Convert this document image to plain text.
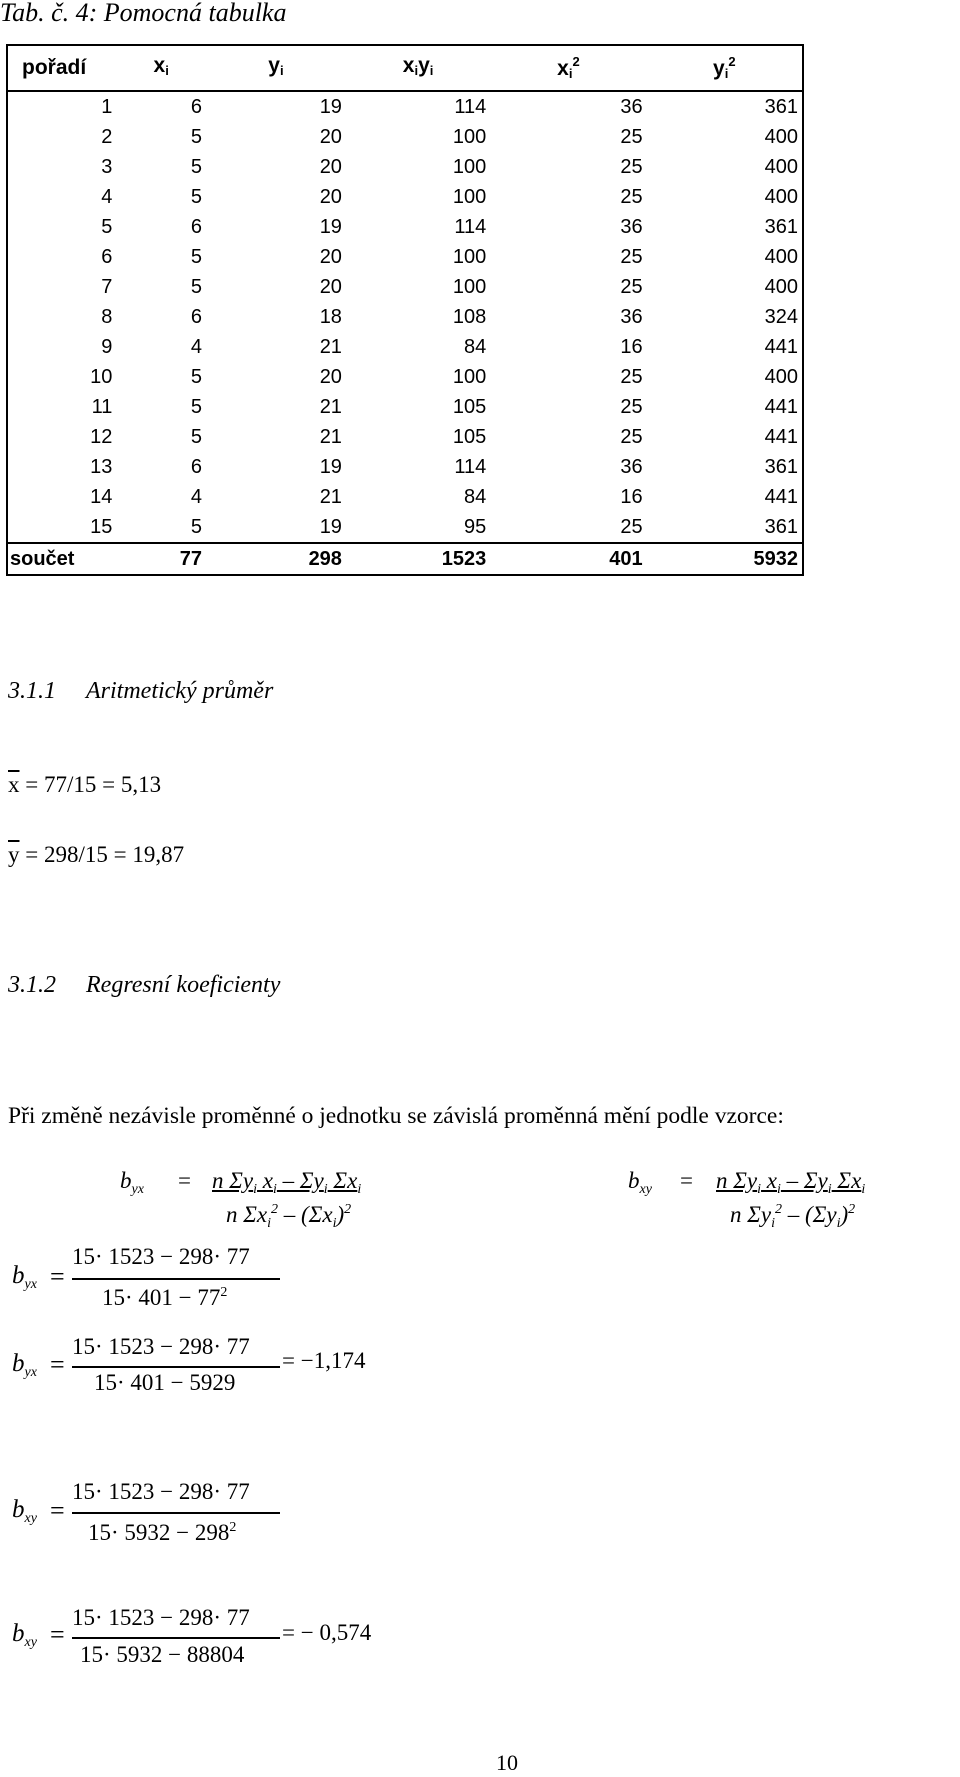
Tab. č. 4: Pomocná tabulka
pořadí	$x_i$	$y_i$	$x_iy_i$	$x_i^2$	$y_i^2$
1	6	19	114	36	361
2	5	20	100	25	400
3	5	20	100	25	400
4	5	20	100	25	400
5	6	19	114	36	361
6	5	20	100	25	400
7	5	20	100	25	400
8	6	18	108	36	324
9	4	21	84	16	441
10	5	20	100	25	400
11	5	21	105	25	441
12	5	21	105	25	441
13	6	19	114	36	361
14	4	21	84	16	441
15	5	19	95	25	361
součet	77	298	1523	401	5932
3.1.1 Aritmetický průměr
$\overline{x} = 77/15 = 5,13$
$\overline{y} = 298/15 = 19,87$
3.1.2 Regresní koeficienty
Při změně nezávisle proměnné o jednotku se závislá proměnná mění podle vzorce:
$b_{yx} = n$ $\Sigma y_i$ $x_i - \Sigma y_i$ $\Sigma x_i$
n $\Sigma x_i^2 - (\Sigma x_i)^2$
$b_{xy} = n$ $\Sigma y_i$ $x_i - \Sigma y_i$ $\Sigma x_i$
n $\Sigma y_i^2 - (\Sigma y_i)^2$
$b_{yx}$ =
15· 1523 − 298· 77
$15\cdot 401 - 77^2$
$b_{yx}$ =
15· 1523 − 298· 77
15· 401 − 5929
= −1,174
$b_{xy}$ =
15· 1523 − 298· 77
$15\cdot 5932 - 298^2$
$b_{xy}$ =
15· 1523 − 298· 77
15· 5932 − 88804
= − 0,574
10
